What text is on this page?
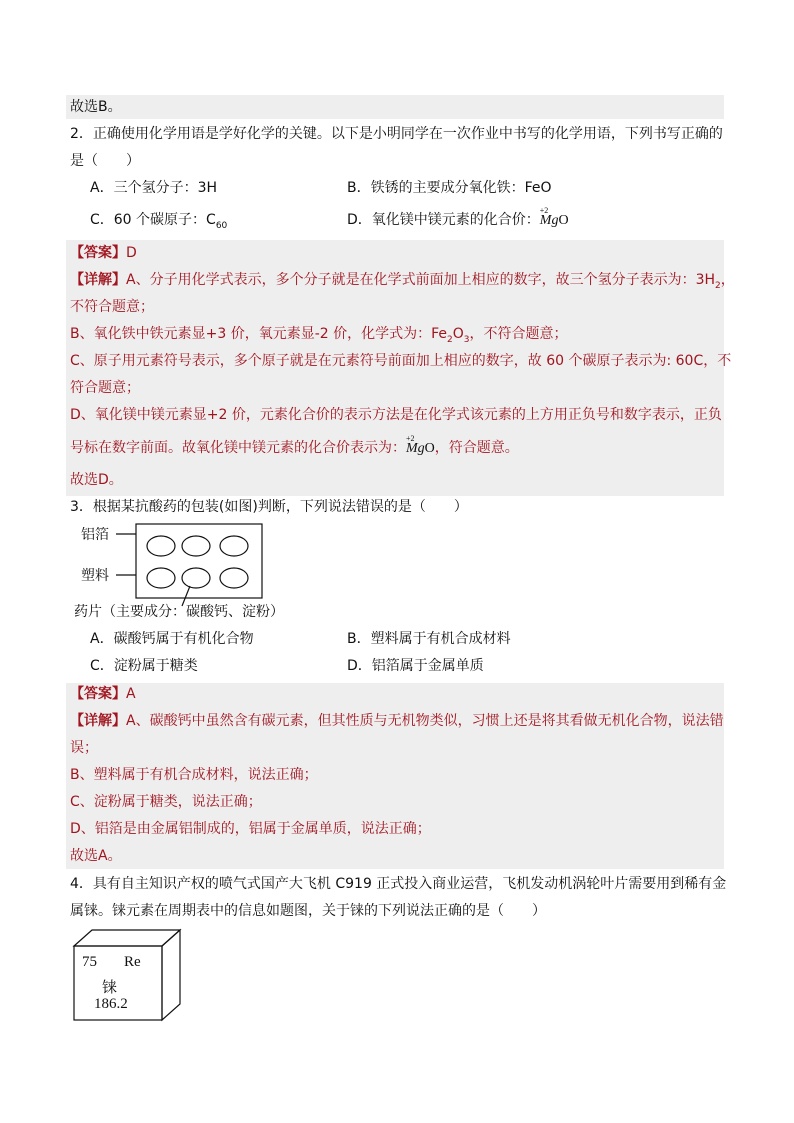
故选B。
2．正确使用化学用语是学好化学的关键。以下是小明同学在一次作业中书写的化学用语，下列书写正确的
是（　　）
A．三个氢分子：3H	B．铁锈的主要成分氧化铁：FeO
C．60 个碳原子：$C_{60}$	D．氧化镁中镁元素的化合价：
+2
MgO
【答案】D
【详解】A、分子用化学式表示，多个分子就是在化学式前面加上相应的数字，故三个氢分子表示为：$3H_2$，
不符合题意；
B、氧化铁中铁元素显+3 价，氧元素显-2 价，化学式为：$Fe_2O_3$，不符合题意；
C、原子用元素符号表示，多个原子就是在元素符号前面加上相应的数字，故 60 个碳原子表示为: 60C，不
符合题意；
D、氧化镁中镁元素显+2 价，元素化合价的表示方法是在化学式该元素的上方用正负号和数字表示，正负
号标在数字前面。故氧化镁中镁元素的化合价表示为：
+2
MgO，符合题意。
故选D。
3．根据某抗酸药的包装(如图)判断，下列说法错误的是（　　）
铝箔
塑料
药片（主要成分：碳酸钙、淀粉）
A．碳酸钙属于有机化合物	B．塑料属于有机合成材料
C．淀粉属于糖类	D．铝箔属于金属单质
【答案】A
【详解】A、碳酸钙中虽然含有碳元素，但其性质与无机物类似，习惯上还是将其看做无机化合物，说法错
误；
B、塑料属于有机合成材料，说法正确；
C、淀粉属于糖类，说法正确；
D、铝箔是由金属铝制成的，铝属于金属单质，说法正确；
故选A。
4．具有自主知识产权的喷气式国产大飞机 C919 正式投入商业运营，飞机发动机涡轮叶片需要用到稀有金
属铼。铼元素在周期表中的信息如题图，关于铼的下列说法正确的是（　　）
75 Re
铼
186.2
